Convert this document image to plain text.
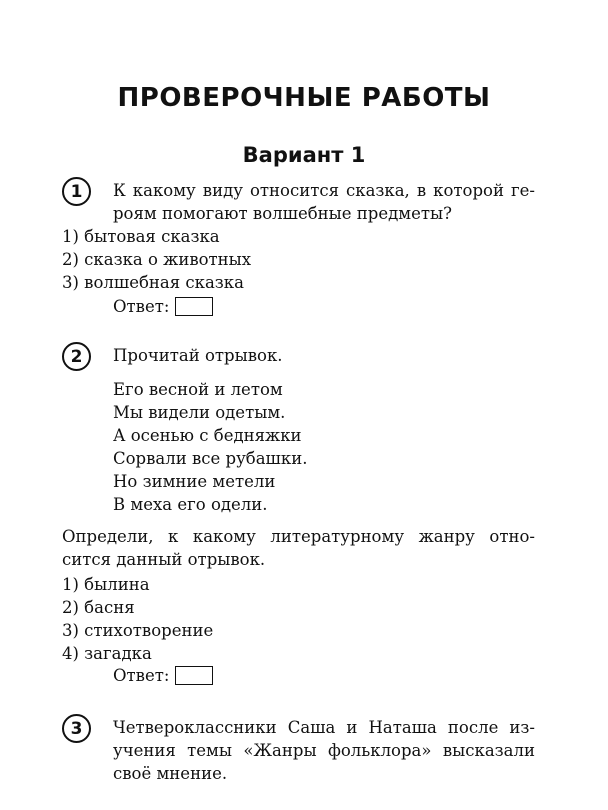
ПРОВЕРОЧНЫЕ РАБОТЫ
Вариант 1
1	К какому виду относится сказка, в которой ге-
роям помогают волшебные предметы?
1) бытовая сказка
2) сказка о животных
3) волшебная сказка
Ответ:
2	Прочитай отрывок.
Его весной и летом
Мы видели одетым.
А осенью с бедняжки
Сорвали все рубашки.
Но зимние метели
В меха его одели.
Определи, к какому литературному жанру отно-
сится данный отрывок.
1) былина
2) басня
3) стихотворение
4) загадка
Ответ:
3	Четвероклассники Саша и Наташа после из-
учения темы «Жанры фольклора» высказали
своё мнение.
